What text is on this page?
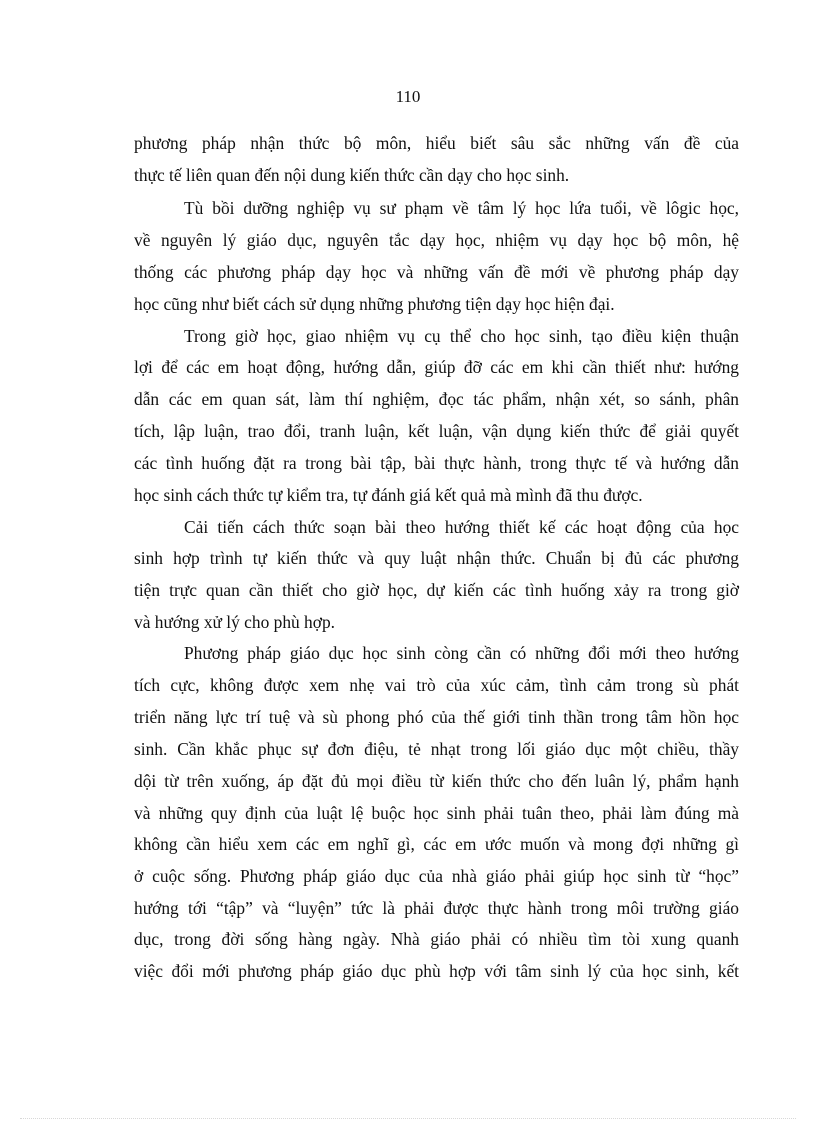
110
phương pháp nhận thức bộ môn, hiểu biết sâu sắc những vấn đề của
thực tế liên quan đến nội dung kiến thức cần dạy cho học sinh.
Tù bồi dưỡng nghiệp vụ sư phạm về tâm lý học lứa tuổi, về lôgic học,
về nguyên lý giáo dục, nguyên tắc dạy học, nhiệm vụ dạy học bộ môn, hệ
thống các phương pháp dạy học và những vấn đề mới về phương pháp dạy
học cũng như biết cách sử dụng những phương tiện dạy học hiện đại.
Trong giờ học, giao nhiệm vụ cụ thể cho học sinh, tạo điều kiện thuận
lợi để các em hoạt động, hướng dẫn, giúp đỡ các em khi cần thiết như: hướng
dẫn các em quan sát, làm thí nghiệm, đọc tác phẩm, nhận xét, so sánh, phân
tích, lập luận, trao đổi, tranh luận, kết luận, vận dụng kiến thức để giải quyết
các tình huống đặt ra trong bài tập, bài thực hành, trong thực tế và hướng dẫn
học sinh cách thức tự kiểm tra, tự đánh giá kết quả mà mình đã thu được.
Cải tiến cách thức soạn bài theo hướng thiết kế các hoạt động của học
sinh hợp trình tự kiến thức và quy luật nhận thức. Chuẩn bị đủ các phương
tiện trực quan cần thiết cho giờ học, dự kiến các tình huống xảy ra trong giờ
và hướng xử lý cho phù hợp.
Phương pháp giáo dục học sinh còng cần có những đổi mới theo hướng
tích cực, không được xem nhẹ vai trò của xúc cảm, tình cảm trong sù phát
triển năng lực trí tuệ và sù phong phó của thế giới tinh thần trong tâm hồn học
sinh. Cần khắc phục sự đơn điệu, tẻ nhạt trong lối giáo dục một chiều, thầy
dội từ trên xuống, áp đặt đủ mọi điều từ kiến thức cho đến luân lý, phẩm hạnh
và những quy định của luật lệ buộc học sinh phải tuân theo, phải làm đúng mà
không cần hiểu xem các em nghĩ gì, các em ước muốn và mong đợi những gì
ở cuộc sống. Phương pháp giáo dục của nhà giáo phải giúp học sinh từ “học”
hướng tới “tập” và “luyện” tức là phải được thực hành trong môi trường giáo
dục, trong đời sống hàng ngày. Nhà giáo phải có nhiều tìm tòi xung quanh
việc đổi mới phương pháp giáo dục phù hợp với tâm sinh lý của học sinh, kết
